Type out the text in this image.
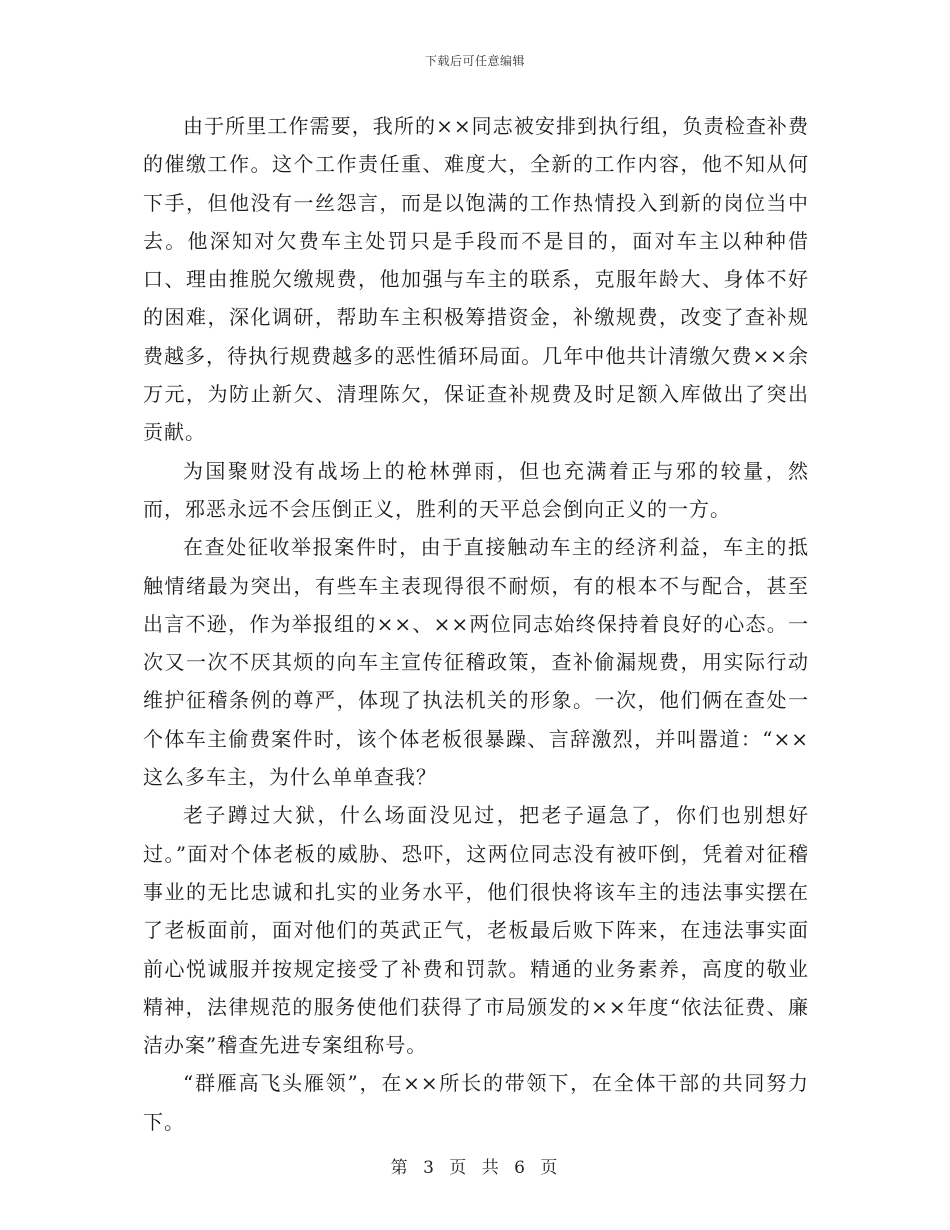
下载后可任意编辑

由于所里工作需要，我所的××同志被安排到执行组，负责检查补费的催缴工作。这个工作责任重、难度大，全新的工作内容，他不知从何下手，但他没有一丝怨言，而是以饱满的工作热情投入到新的岗位当中去。他深知对欠费车主处罚只是手段而不是目的，面对车主以种种借口、理由推脱欠缴规费，他加强与车主的联系，克服年龄大、身体不好的困难，深化调研，帮助车主积极筹措资金，补缴规费，改变了查补规费越多，待执行规费越多的恶性循环局面。几年中他共计清缴欠费××余万元，为防止新欠、清理陈欠，保证查补规费及时足额入库做出了突出贡献。

为国聚财没有战场上的枪林弹雨，但也充满着正与邪的较量，然而，邪恶永远不会压倒正义，胜利的天平总会倒向正义的一方。

在查处征收举报案件时，由于直接触动车主的经济利益，车主的抵触情绪最为突出，有些车主表现得很不耐烦，有的根本不与配合，甚至出言不逊，作为举报组的××、××两位同志始终保持着良好的心态。一次又一次不厌其烦的向车主宣传征稽政策，查补偷漏规费，用实际行动维护征稽条例的尊严，体现了执法机关的形象。一次，他们俩在查处一个体车主偷费案件时，该个体老板很暴躁、言辞激烈，并叫嚣道：“××这么多车主，为什么单单查我？

老子蹲过大狱，什么场面没见过，把老子逼急了，你们也别想好过。”面对个体老板的威胁、恐吓，这两位同志没有被吓倒，凭着对征稽事业的无比忠诚和扎实的业务水平，他们很快将该车主的违法事实摆在了老板面前，面对他们的英武正气，老板最后败下阵来，在违法事实面前心悦诚服并按规定接受了补费和罚款。精通的业务素养，高度的敬业精神，法律规范的服务使他们获得了市局颁发的××年度“依法征费、廉洁办案”稽查先进专案组称号。

“群雁高飞头雁领”，在××所长的带领下，在全体干部的共同努力下。

第 3 页 共 6 页
